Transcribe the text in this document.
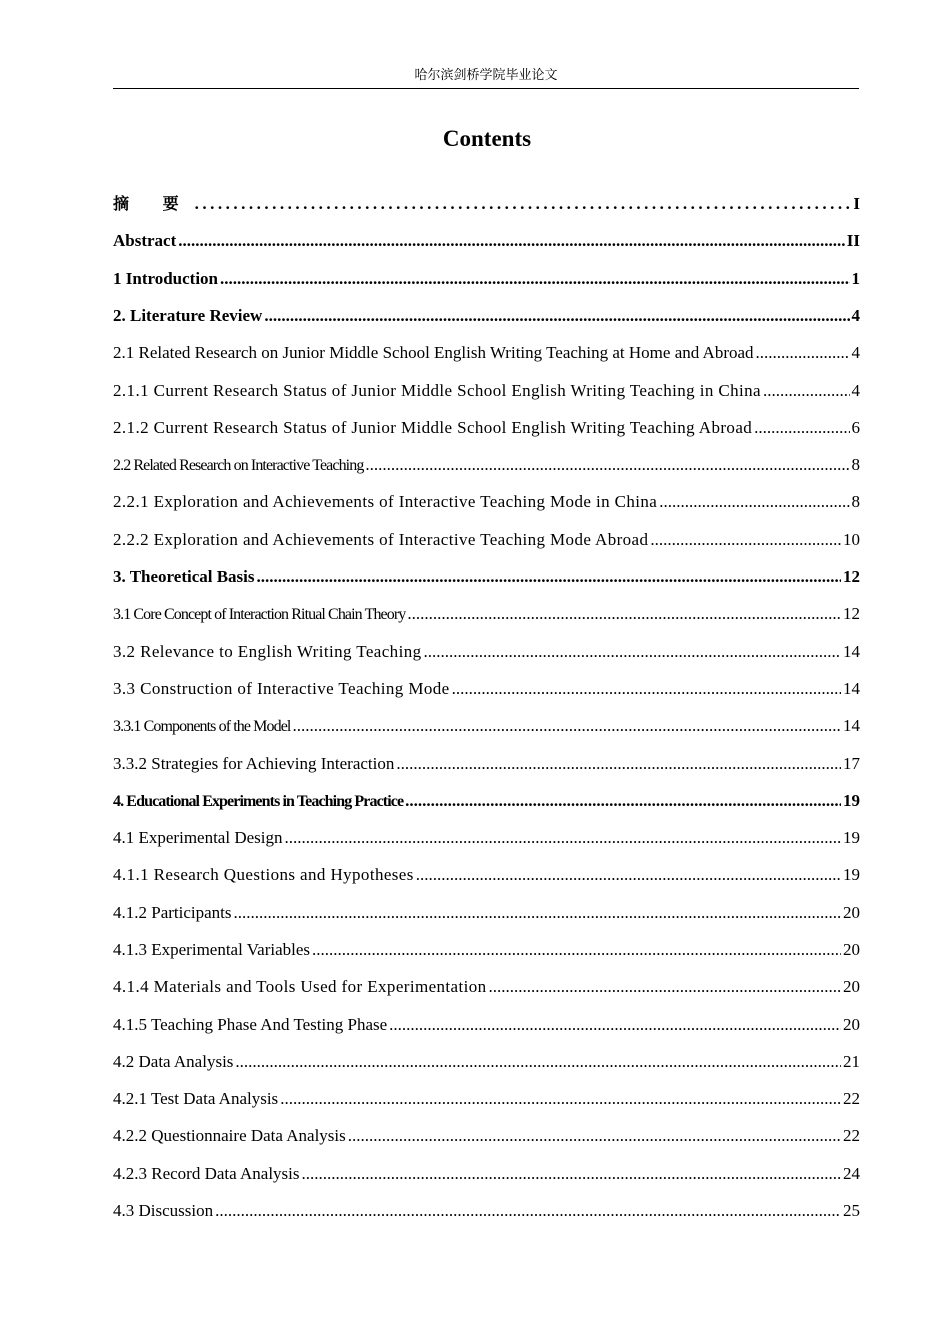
哈尔滨剑桥学院毕业论文
Contents
摘 要 .....	I
Abstract .....	II
1 Introduction .....	1
2. Literature Review .....	4
2.1 Related Research on Junior Middle School English Writing Teaching at Home and Abroad .....	4
2.1.1 Current Research Status of Junior Middle School English Writing Teaching in China .....	4
2.1.2 Current Research Status of Junior Middle School English Writing Teaching Abroad .....	6
2.2 Related Research on Interactive Teaching .....	8
2.2.1 Exploration and Achievements of Interactive Teaching Mode in China .....	8
2.2.2 Exploration and Achievements of Interactive Teaching Mode Abroad .....	10
3. Theoretical Basis .....	12
3.1 Core Concept of Interaction Ritual Chain Theory .....	12
3.2 Relevance to English Writing Teaching .....	14
3.3 Construction of Interactive Teaching Mode .....	14
3.3.1 Components of the Model .....	14
3.3.2 Strategies for Achieving Interaction .....	17
4. Educational Experiments in Teaching Practice .....	19
4.1 Experimental Design .....	19
4.1.1 Research Questions and Hypotheses .....	19
4.1.2 Participants .....	20
4.1.3 Experimental Variables .....	20
4.1.4 Materials and Tools Used for Experimentation .....	20
4.1.5 Teaching Phase And Testing Phase .....	20
4.2 Data Analysis .....	21
4.2.1 Test Data Analysis .....	22
4.2.2 Questionnaire Data Analysis .....	22
4.2.3 Record Data Analysis .....	24
4.3 Discussion .....	25
